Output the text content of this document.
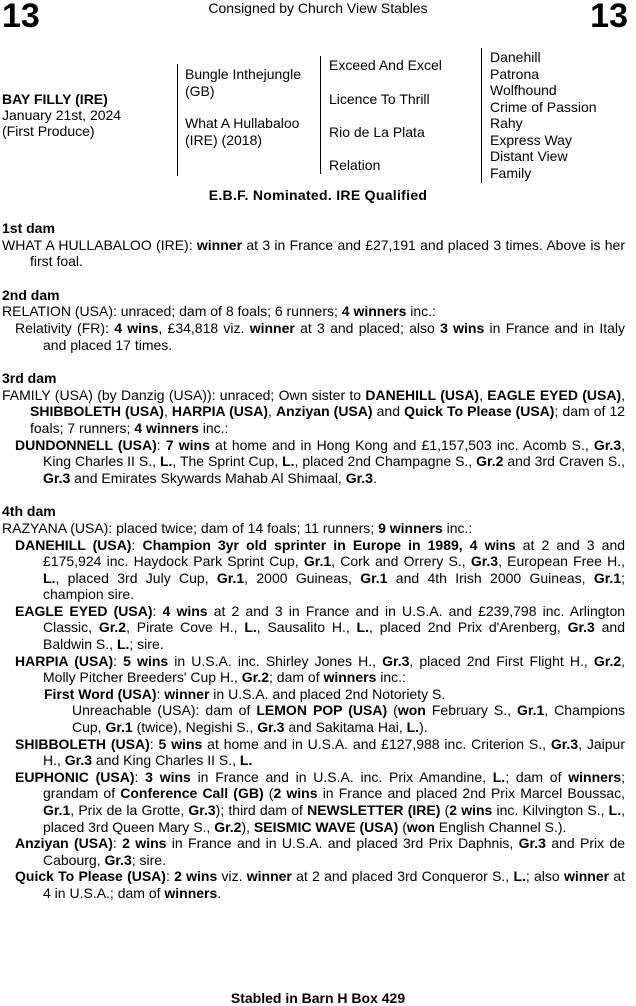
13	Consigned by Church View Stables	13
BAY FILLY (IRE)
January 21st, 2024
(First Produce)
Bungle Inthejungle (GB)
What A Hullabaloo (IRE) (2018)
Exceed And Excel
Licence To Thrill
Rio de La Plata
Relation
Danehill
Patrona
Wolfhound
Crime of Passion
Rahy
Express Way
Distant View
Family
E.B.F. Nominated. IRE Qualified
1st dam
WHAT A HULLABALOO (IRE): winner at 3 in France and £27,191 and placed 3 times. Above is her first foal.
2nd dam
RELATION (USA): unraced; dam of 8 foals; 6 runners; 4 winners inc.:
Relativity (FR): 4 wins, £34,818 viz. winner at 3 and placed; also 3 wins in France and in Italy and placed 17 times.
3rd dam
FAMILY (USA) (by Danzig (USA)): unraced; Own sister to DANEHILL (USA), EAGLE EYED (USA), SHIBBOLETH (USA), HARPIA (USA), Anziyan (USA) and Quick To Please (USA); dam of 12 foals; 7 runners; 4 winners inc.:
DUNDONNELL (USA): 7 wins at home and in Hong Kong and £1,157,503 inc. Acomb S., Gr.3, King Charles II S., L., The Sprint Cup, L., placed 2nd Champagne S., Gr.2 and 3rd Craven S., Gr.3 and Emirates Skywards Mahab Al Shimaal, Gr.3.
4th dam
RAZYANA (USA): placed twice; dam of 14 foals; 11 runners; 9 winners inc.:
DANEHILL (USA): Champion 3yr old sprinter in Europe in 1989, 4 wins at 2 and 3 and £175,924 inc. Haydock Park Sprint Cup, Gr.1, Cork and Orrery S., Gr.3, European Free H., L., placed 3rd July Cup, Gr.1, 2000 Guineas, Gr.1 and 4th Irish 2000 Guineas, Gr.1; champion sire.
EAGLE EYED (USA): 4 wins at 2 and 3 in France and in U.S.A. and £239,798 inc. Arlington Classic, Gr.2, Pirate Cove H., L., Sausalito H., L., placed 2nd Prix d'Arenberg, Gr.3 and Baldwin S., L.; sire.
HARPIA (USA): 5 wins in U.S.A. inc. Shirley Jones H., Gr.3, placed 2nd First Flight H., Gr.2, Molly Pitcher Breeders' Cup H., Gr.2; dam of winners inc.:
First Word (USA): winner in U.S.A. and placed 2nd Notoriety S.
Unreachable (USA): dam of LEMON POP (USA) (won February S., Gr.1, Champions Cup, Gr.1 (twice), Negishi S., Gr.3 and Sakitama Hai, L.).
SHIBBOLETH (USA): 5 wins at home and in U.S.A. and £127,988 inc. Criterion S., Gr.3, Jaipur H., Gr.3 and King Charles II S., L.
EUPHONIC (USA): 3 wins in France and in U.S.A. inc. Prix Amandine, L.; dam of winners; grandam of Conference Call (GB) (2 wins in France and placed 2nd Prix Marcel Boussac, Gr.1, Prix de la Grotte, Gr.3); third dam of NEWSLETTER (IRE) (2 wins inc. Kilvington S., L., placed 3rd Queen Mary S., Gr.2), SEISMIC WAVE (USA) (won English Channel S.).
Anziyan (USA): 2 wins in France and in U.S.A. and placed 3rd Prix Daphnis, Gr.3 and Prix de Cabourg, Gr.3; sire.
Quick To Please (USA): 2 wins viz. winner at 2 and placed 3rd Conqueror S., L.; also winner at 4 in U.S.A.; dam of winners.
Stabled in Barn H Box 429
